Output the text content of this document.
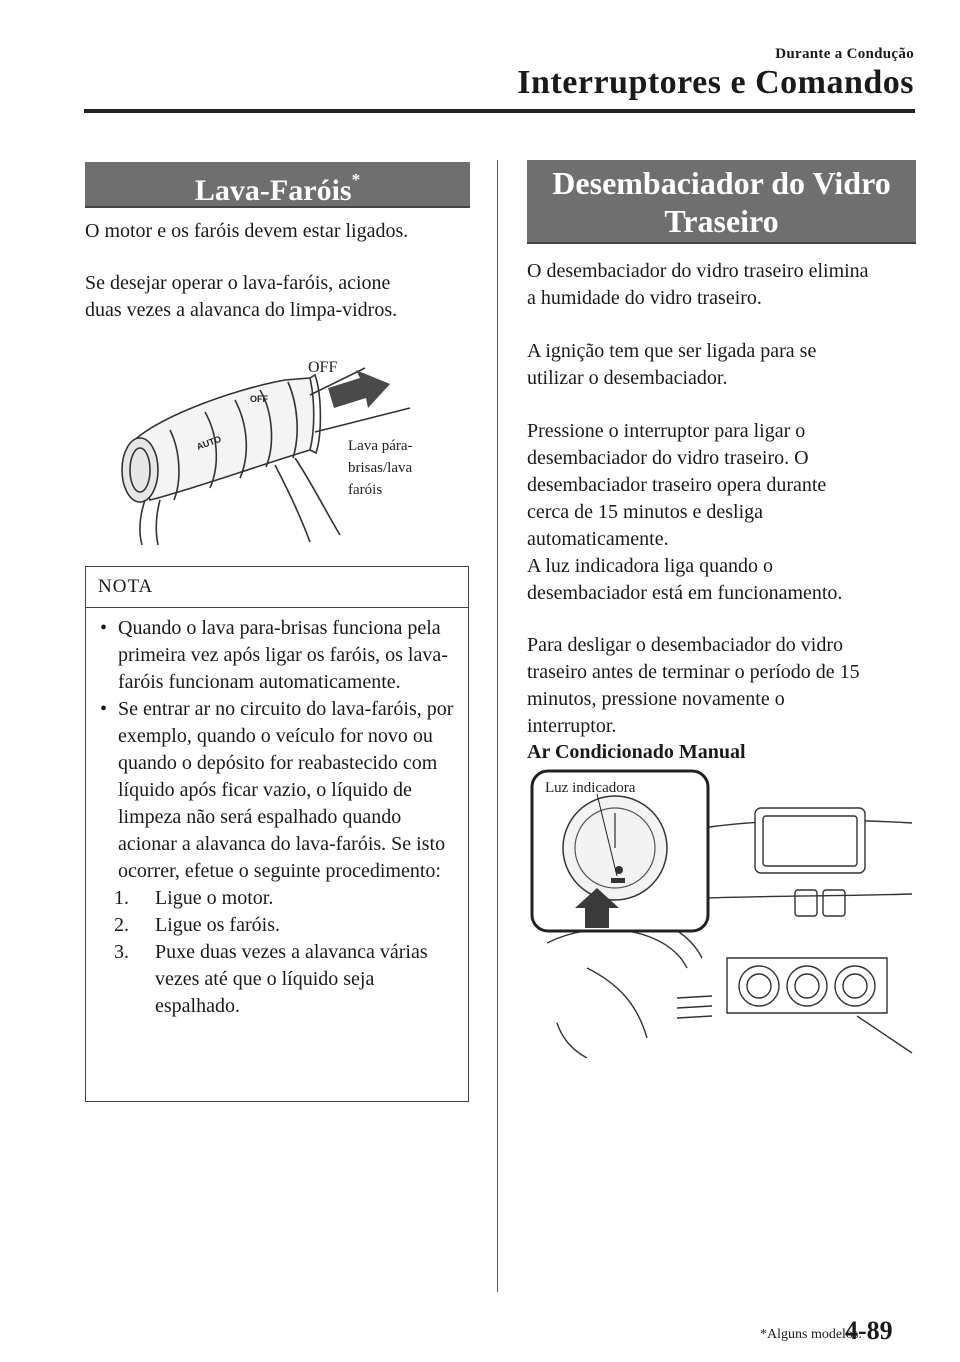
Durante a Condução
Interruptores e Comandos
Lava-Faróis*
O motor e os faróis devem estar ligados.
Se desejar operar o lava-faróis, acione
duas vezes a alavanca do limpa-vidros.
OFF
AUTO
OFF
Lava pára-
brisas/lava
faróis
NOTA
• Quando o lava para-brisas funciona pela primeira vez após ligar os faróis, os lava-faróis funcionam automaticamente.
• Se entrar ar no circuito do lava-faróis, por exemplo, quando o veículo for novo ou quando o depósito for reabastecido com líquido após ficar vazio, o líquido de limpeza não será espalhado quando acionar a alavanca do lava-faróis. Se isto ocorrer, efetue o seguinte procedimento:
1. Ligue o motor.
2. Ligue os faróis.
3. Puxe duas vezes a alavanca várias vezes até que o líquido seja espalhado.
Desembaciador do Vidro
Traseiro
O desembaciador do vidro traseiro elimina
a humidade do vidro traseiro.
A ignição tem que ser ligada para se
utilizar o desembaciador.
Pressione o interruptor para ligar o
desembaciador do vidro traseiro. O
desembaciador traseiro opera durante
cerca de 15 minutos e desliga
automaticamente.
A luz indicadora liga quando o
desembaciador está em funcionamento.
Para desligar o desembaciador do vidro
traseiro antes de terminar o período de 15
minutos, pressione novamente o
interruptor.
Ar Condicionado Manual
Luz indicadora
*Alguns modelos.
4-89
